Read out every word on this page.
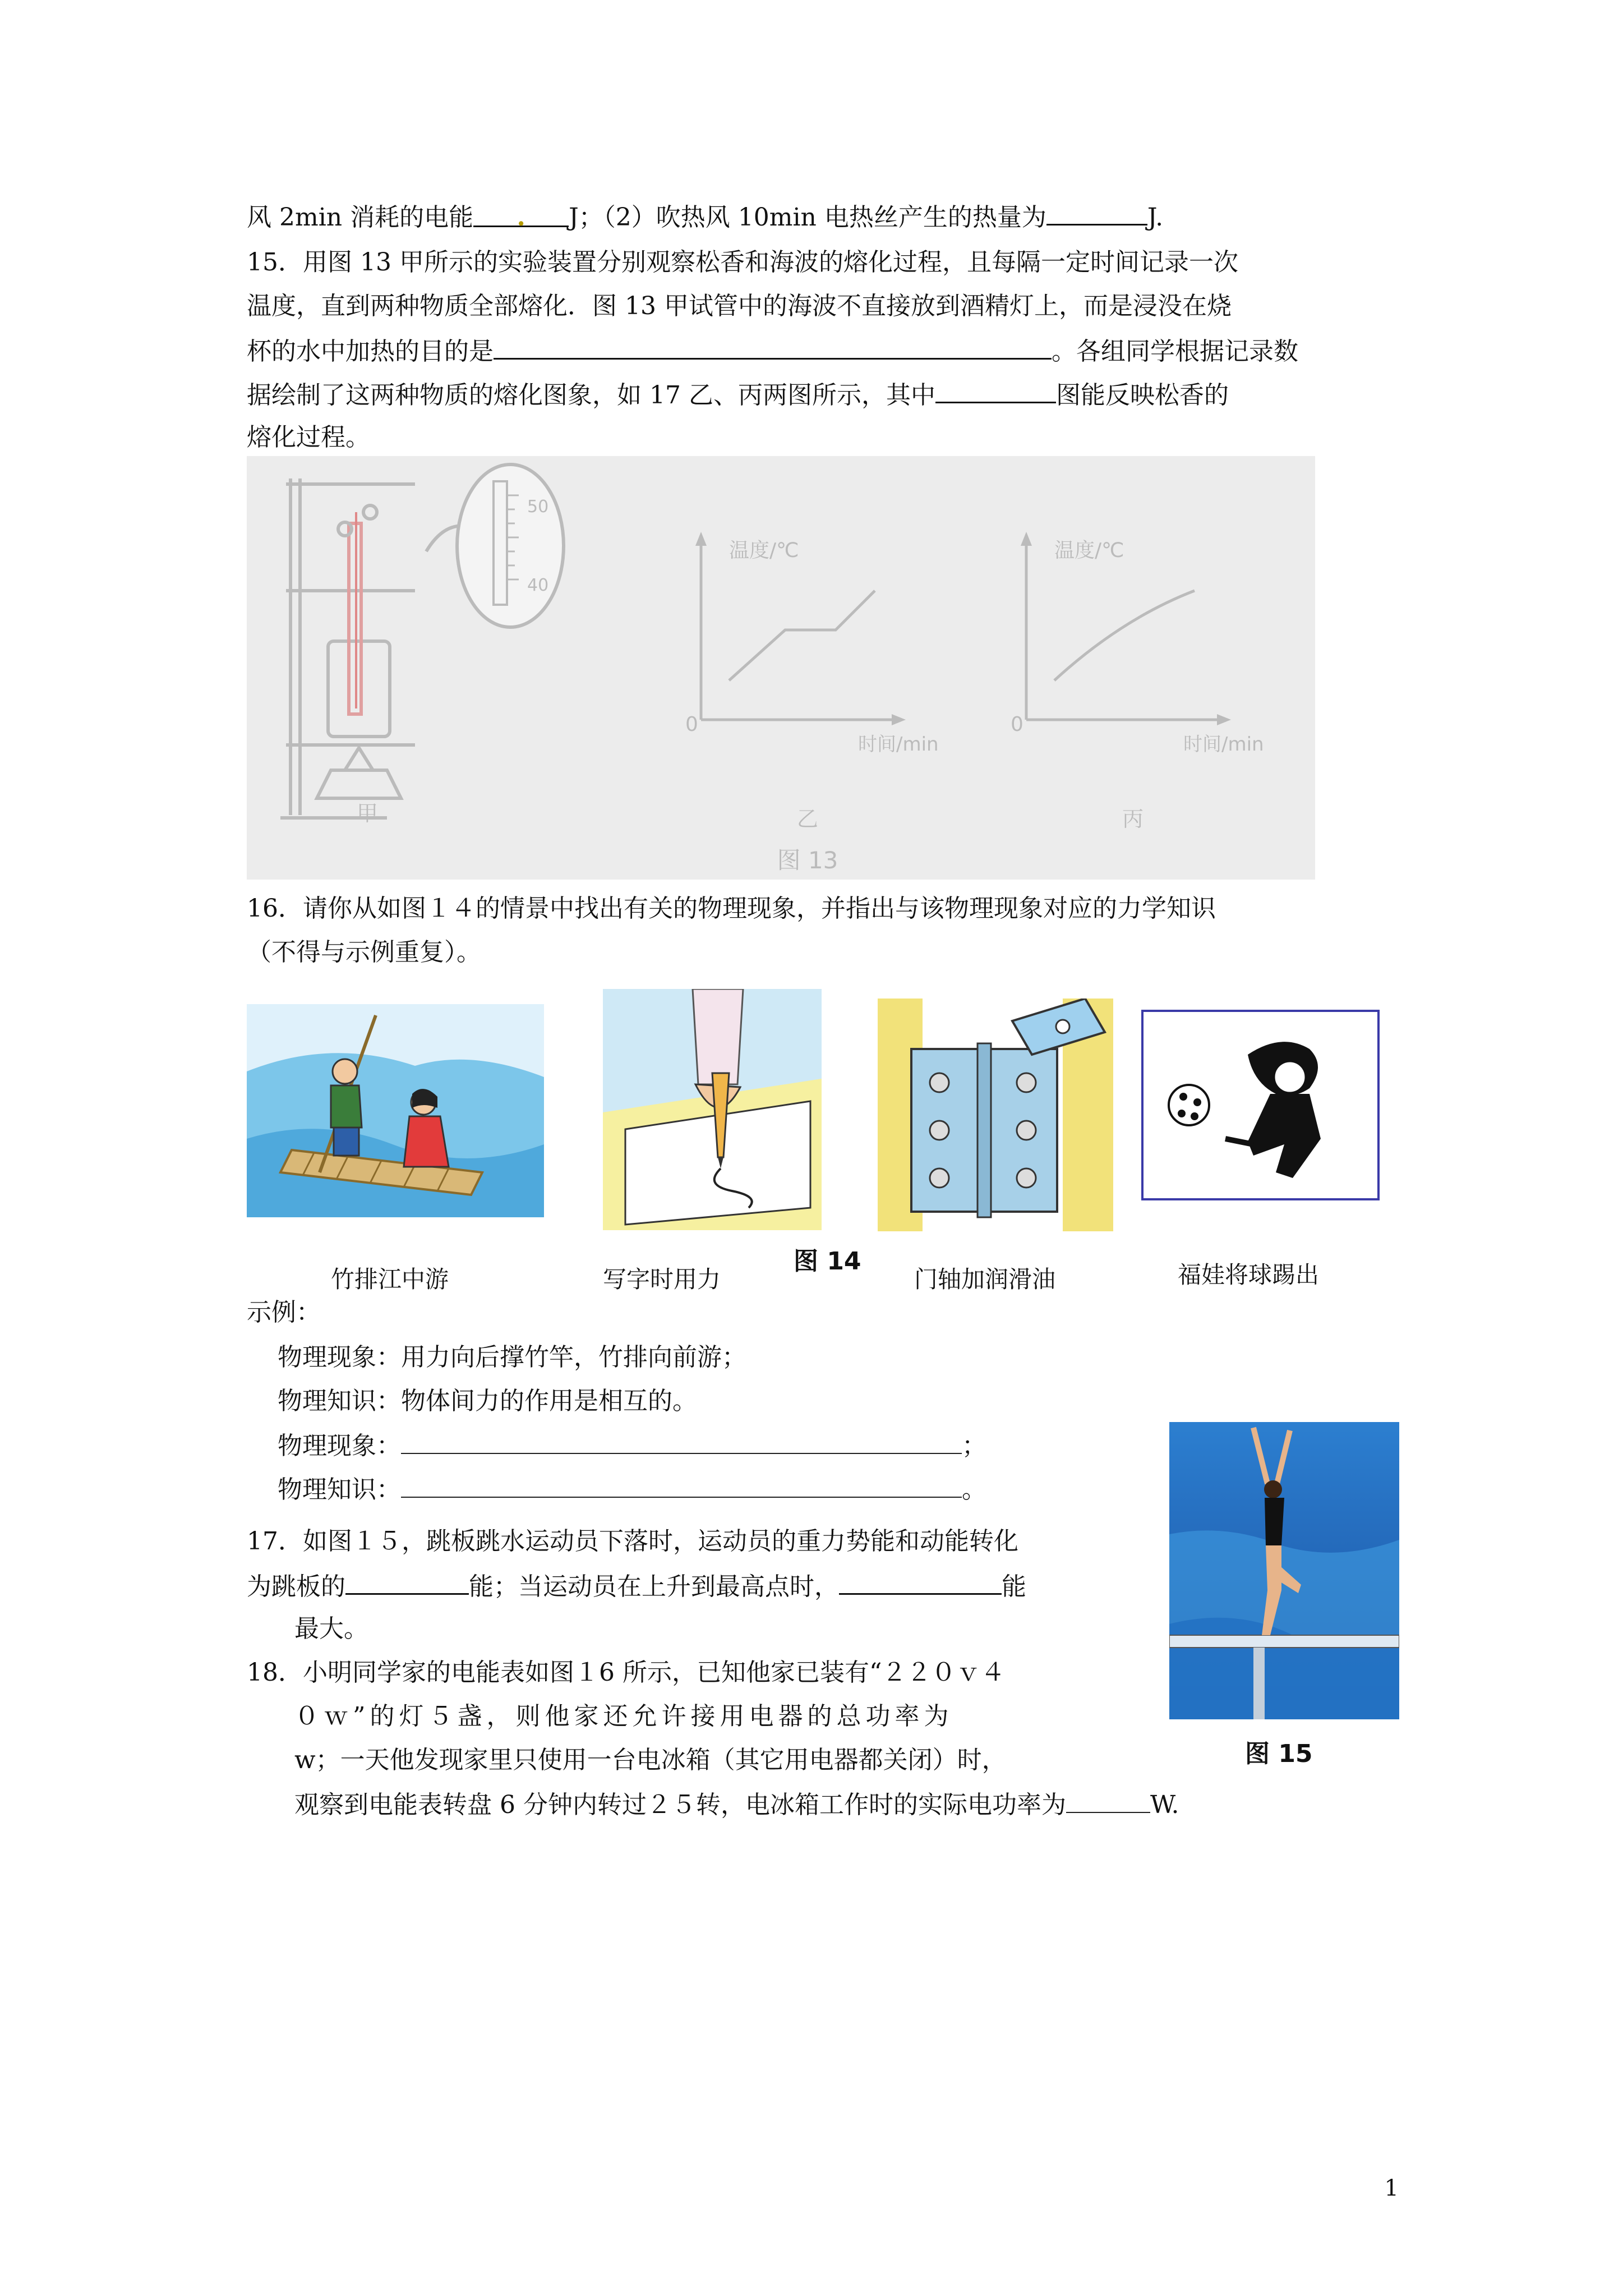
风 2min 消耗的电能 . J；（2）吹热风 10min 电热丝产生的热量为	J.
15．用图 13 甲所示的实验装置分别观察松香和海波的熔化过程，且每隔一定时间记录一次
温度，直到两种物质全部熔化．图 13 甲试管中的海波不直接放到酒精灯上，而是浸没在烧
杯的水中加热的目的是	。各组同学根据记录数
据绘制了这两种物质的熔化图象，如 17 乙、丙两图所示，其中	图能反映松香的
熔化过程。
50
40
甲
温度/℃
时间/min
0
乙
温度/℃
时间/min
0
丙
图 13
16．请你从如图１４的情景中找出有关的物理现象，并指出与该物理现象对应的力学知识
（不得与示例重复）。
图 14
竹排江中游	写字时用力	门轴加润滑油	福娃将球踢出
示例：
物理现象：用力向后撑竹竿，竹排向前游；
物理知识：物体间力的作用是相互的。
物理现象：	；
物理知识：	。
图 15
17．如图１５，跳板跳水运动员下落时，运动员的重力势能和动能转化
为跳板的	能；当运动员在上升到最高点时，	能
最大。
18．小明同学家的电能表如图１6 所示，已知他家已装有“２２０ｖ４
０ｗ”的灯５盏，则他家还允许接用电器的总功率为
w；一天他发现家里只使用一台电冰箱（其它用电器都关闭）时，
观察到电能表转盘 6 分钟内转过２５转，电冰箱工作时的实际电功率为	W.
1
